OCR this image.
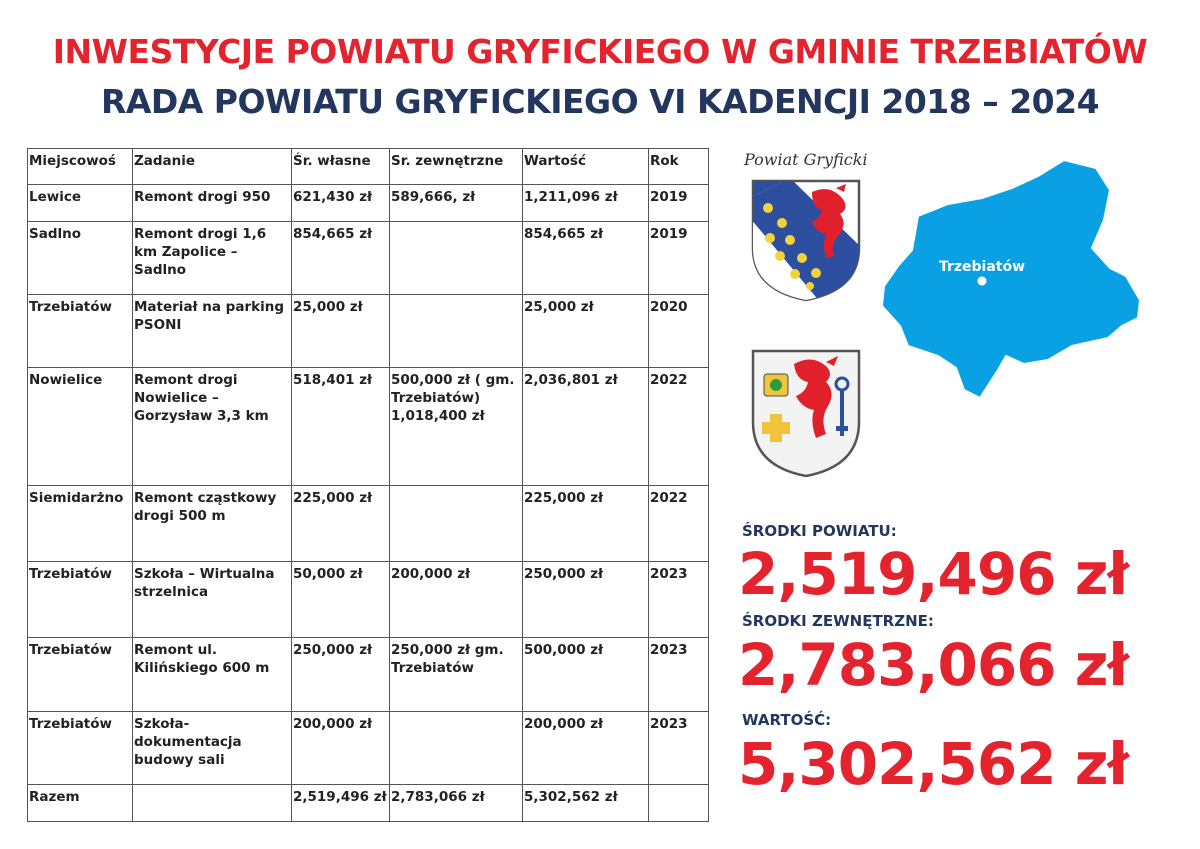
INWESTYCJE POWIATU GRYFICKIEGO W GMINIE TRZEBIATÓW
RADA POWIATU GRYFICKIEGO VI KADENCJI 2018 – 2024
Miejscowoś	Zadanie	Śr. własne	Sr. zewnętrzne	Wartość	Rok
Lewice	Remont drogi 950	621,430 zł	589,666, zł	1,211,096 zł	2019
Sadlno	Remont drogi 1,6 km Zapolice – Sadlno	854,665 zł		854,665 zł	2019
Trzebiatów	Materiał na parking PSONI	25,000 zł		25,000 zł	2020
Nowielice	Remont drogi Nowielice – Gorzysław 3,3 km	518,401 zł	500,000 zł ( gm. Trzebiatów) 1,018,400 zł	2,036,801 zł	2022
Siemidarżno	Remont cząstkowy drogi 500 m	225,000 zł		225,000 zł	2022
Trzebiatów	Szkoła – Wirtualna strzelnica	50,000 zł	200,000 zł	250,000 zł	2023
Trzebiatów	Remont ul. Kilińskiego 600 m	250,000 zł	250,000 zł gm. Trzebiatów	500,000 zł	2023
Trzebiatów	Szkoła-dokumentacja budowy sali	200,000 zł		200,000 zł	2023
Razem		2,519,496 zł	2,783,066 zł	5,302,562 zł	
Powiat Gryficki
Trzebiatów
ŚRODKI POWIATU:
2,519,496 zł
ŚRODKI ZEWNĘTRZNE:
2,783,066 zł
WARTOŚĆ:
5,302,562 zł
